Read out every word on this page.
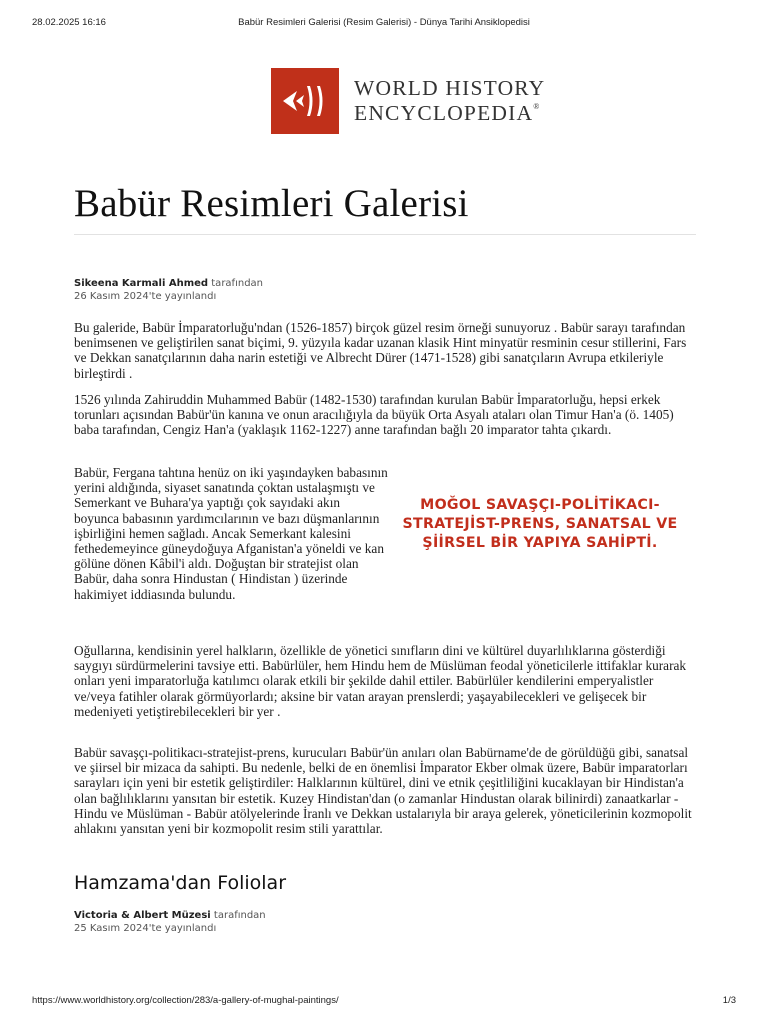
28.02.2025 16:16	Babür Resimleri Galerisi (Resim Galerisi) - Dünya Tarihi Ansiklopedisi
WORLD HISTORY
ENCYCLOPEDIA®
Babür Resimleri Galerisi
Sikeena Karmali Ahmed tarafından
26 Kasım 2024'te yayınlandı

Bu galeride, Babür İmparatorluğu'ndan (1526-1857) birçok güzel resim örneği sunuyoruz . Babür sarayı tarafından benimsenen ve geliştirilen sanat biçimi, 9. yüzyıla kadar uzanan klasik Hint minyatür resminin cesur stillerini, Fars ve Dekkan sanatçılarının daha narin estetiği ve Albrecht Dürer (1471-1528) gibi sanatçıların Avrupa etkileriyle birleştirdi .

1526 yılında Zahiruddin Muhammed Babür (1482-1530) tarafından kurulan Babür İmparatorluğu, hepsi erkek torunları açısından Babür'ün kanına ve onun aracılığıyla da büyük Orta Asyalı ataları olan Timur Han'a (ö. 1405) baba tarafından, Cengiz Han'a (yaklaşık 1162-1227) anne tarafından bağlı 20 imparator tahta çıkardı.

Babür, Fergana tahtına henüz on iki yaşındayken babasının yerini aldığında, siyaset sanatında çoktan ustalaşmıştı ve Semerkant ve Buhara'ya yaptığı çok sayıdaki akın boyunca babasının yardımcılarının ve bazı düşmanlarının işbirliğini hemen sağladı. Ancak Semerkant kalesini fethedemeyince güneydoğuya Afganistan'a yöneldi ve kan gölüne dönen Kâbil'i aldı. Doğuştan bir stratejist olan Babür, daha sonra Hindustan ( Hindistan ) üzerinde hakimiyet iddiasında bulundu.

MOĞOL SAVAŞÇI-POLİTİKACI-STRATEJİST-PRENS, SANATSAL VE ŞİİRSEL BİR YAPIYA SAHİPTİ.

Oğullarına, kendisinin yerel halkların, özellikle de yönetici sınıfların dini ve kültürel duyarlılıklarına gösterdiği saygıyı sürdürmelerini tavsiye etti. Babürlüler, hem Hindu hem de Müslüman feodal yöneticilerle ittifaklar kurarak onları yeni imparatorluğa katılımcı olarak etkili bir şekilde dahil ettiler. Babürlüler kendilerini emperyalistler ve/veya fatihler olarak görmüyorlardı; aksine bir vatan arayan prenslerdi; yaşayabilecekleri ve gelişecek bir medeniyeti yetiştirebilecekleri bir yer .

Babür savaşçı-politikacı-stratejist-prens, kurucuları Babür'ün anıları olan Babürname'de de görüldüğü gibi, sanatsal ve şiirsel bir mizaca da sahipti. Bu nedenle, belki de en önemlisi İmparator Ekber olmak üzere, Babür imparatorları sarayları için yeni bir estetik geliştirdiler: Halklarının kültürel, dini ve etnik çeşitliliğini kucaklayan bir Hindistan'a olan bağlılıklarını yansıtan bir estetik. Kuzey Hindistan'dan (o zamanlar Hindustan olarak bilinirdi) zanaatkarlar - Hindu ve Müslüman - Babür atölyelerinde İranlı ve Dekkan ustalarıyla bir araya gelerek, yöneticilerinin kozmopolit ahlakını yansıtan yeni bir kozmopolit resim stili yarattılar.

Hamzama'dan Foliolar
Victoria & Albert Müzesi tarafından
25 Kasım 2024'te yayınlandı
https://www.worldhistory.org/collection/283/a-gallery-of-mughal-paintings/	1/3
